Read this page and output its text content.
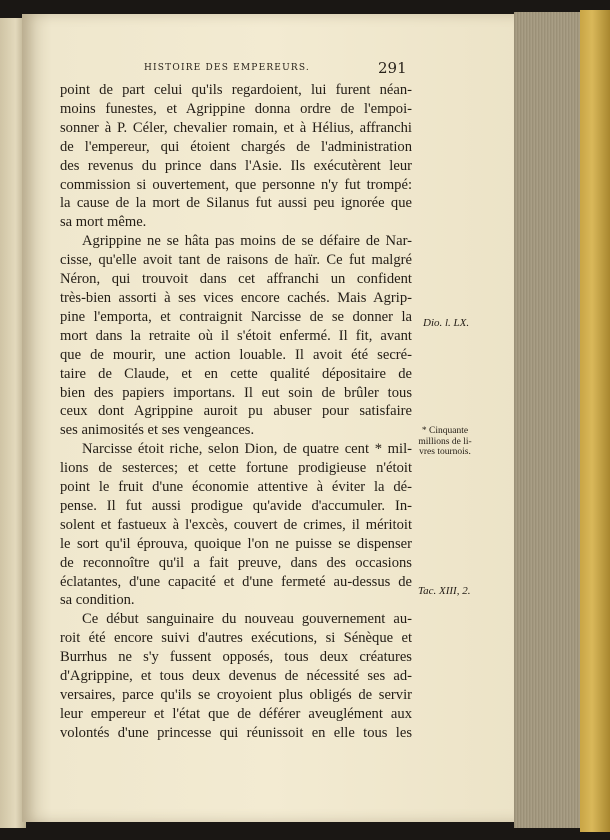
HISTOIRE DES EMPEREURS.	291
point de part celui qu'ils regardoient, lui furent néan-
moins funestes, et Agrippine donna ordre de l'empoi-
sonner à P. Céler, chevalier romain, et à Hélius, affranchi
de l'empereur, qui étoient chargés de l'administration
des revenus du prince dans l'Asie. Ils exécutèrent leur
commission si ouvertement, que personne n'y fut trompé:
la cause de la mort de Silanus fut aussi peu ignorée que
sa mort même.
Agrippine ne se hâta pas moins de se défaire de Nar-
cisse, qu'elle avoit tant de raisons de haïr. Ce fut malgré
Néron, qui trouvoit dans cet affranchi un confident
très-bien assorti à ses vices encore cachés. Mais Agrip-
pine l'emporta, et contraignit Narcisse de se donner la
mort dans la retraite où il s'étoit enfermé. Il fit, avant
que de mourir, une action louable. Il avoit été secré-
taire de Claude, et en cette qualité dépositaire de
bien des papiers importans. Il eut soin de brûler tous
ceux dont Agrippine auroit pu abuser pour satisfaire
ses animosités et ses vengeances.
Narcisse étoit riche, selon Dion, de quatre cent * mil-
lions de sesterces; et cette fortune prodigieuse n'étoit
point le fruit d'une économie attentive à éviter la dé-
pense. Il fut aussi prodigue qu'avide d'accumuler. In-
solent et fastueux à l'excès, couvert de crimes, il méritoit
le sort qu'il éprouva, quoique l'on ne puisse se dispenser
de reconnoître qu'il a fait preuve, dans des occasions
éclatantes, d'une capacité et d'une fermeté au-dessus de
sa condition.
Ce début sanguinaire du nouveau gouvernement au-
roit été encore suivi d'autres exécutions, si Sénèque et
Burrhus ne s'y fussent opposés, tous deux créatures
d'Agrippine, et tous deux devenus de nécessité ses ad-
versaires, parce qu'ils se croyoient plus obligés de servir
leur empereur et l'état que de déférer aveuglément aux
volontés d'une princesse qui réunissoit en elle tous les
Dio. l. LX.
* Cinquante
millions de li-
vres tournois.
Tac. XIII, 2.
